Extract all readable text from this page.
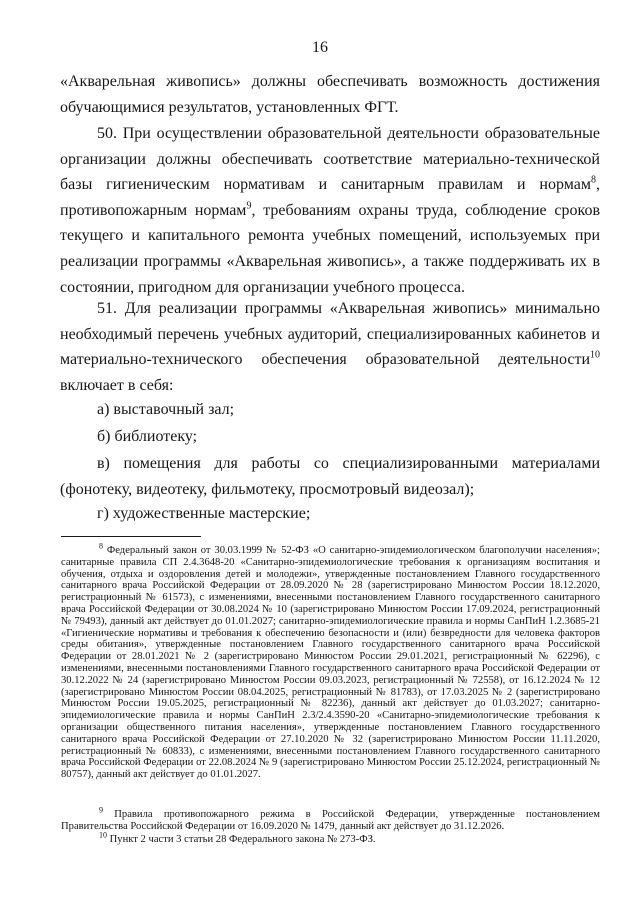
16

«Акварельная живопись» должны обеспечивать возможность достижения обучающимися результатов, установленных ФГТ.

50. При осуществлении образовательной деятельности образовательные организации должны обеспечивать соответствие материально-технической базы гигиеническим нормативам и санитарным правилам и нормам$^8$, противопожарным нормам$^9$, требованиям охраны труда, соблюдение сроков текущего и капитального ремонта учебных помещений, используемых при реализации программы «Акварельная живопись», а также поддерживать их в состоянии, пригодном для организации учебного процесса.

51. Для реализации программы «Акварельная живопись» минимально необходимый перечень учебных аудиторий, специализированных кабинетов и материально-технического обеспечения образовательной деятельности$^{10}$ включает в себя:

а) выставочный зал;

б) библиотеку;

в) помещения для работы со специализированными материалами (фонотеку, видеотеку, фильмотеку, просмотровый видеозал);

г) художественные мастерские;

$^8$ Федеральный закон от 30.03.1999 № 52-ФЗ «О санитарно-эпидемиологическом благополучии населения»; санитарные правила СП 2.4.3648-20 «Санитарно-эпидемиологические требования к организациям воспитания и обучения, отдыха и оздоровления детей и молодежи», утвержденные постановлением Главного государственного санитарного врача Российской Федерации от 28.09.2020 № 28 (зарегистрировано Минюстом России 18.12.2020, регистрационный № 61573), с изменениями, внесенными постановлением Главного государственного санитарного врача Российской Федерации от 30.08.2024 № 10 (зарегистрировано Минюстом России 17.09.2024, регистрационный № 79493), данный акт действует до 01.01.2027; санитарно-эпидемиологические правила и нормы СанПиН 1.2.3685-21 «Гигиенические нормативы и требования к обеспечению безопасности и (или) безвредности для человека факторов среды обитания», утвержденные постановлением Главного государственного санитарного врача Российской Федерации от 28.01.2021 № 2 (зарегистрировано Минюстом России 29.01.2021, регистрационный № 62296), с изменениями, внесенными постановлениями Главного государственного санитарного врача Российской Федерации от 30.12.2022 № 24 (зарегистрировано Минюстом России 09.03.2023, регистрационный № 72558), от 16.12.2024 № 12 (зарегистрировано Минюстом России 08.04.2025, регистрационный № 81783), от 17.03.2025 № 2 (зарегистрировано Минюстом России 19.05.2025, регистрационный № 82236), данный акт действует до 01.03.2027; санитарно-эпидемиологические правила и нормы СанПиН 2.3/2.4.3590-20 «Санитарно-эпидемиологические требования к организации общественного питания населения», утвержденные постановлением Главного государственного санитарного врача Российской Федерации от 27.10.2020 № 32 (зарегистрировано Минюстом России 11.11.2020, регистрационный № 60833), с изменениями, внесенными постановлением Главного государственного санитарного врача Российской Федерации от 22.08.2024 № 9 (зарегистрировано Минюстом России 25.12.2024, регистрационный № 80757), данный акт действует до 01.01.2027.
$^9$ Правила противопожарного режима в Российской Федерации, утвержденные постановлением Правительства Российской Федерации от 16.09.2020 № 1479, данный акт действует до 31.12.2026.
$^{10}$ Пункт 2 части 3 статьи 28 Федерального закона № 273-ФЗ.
